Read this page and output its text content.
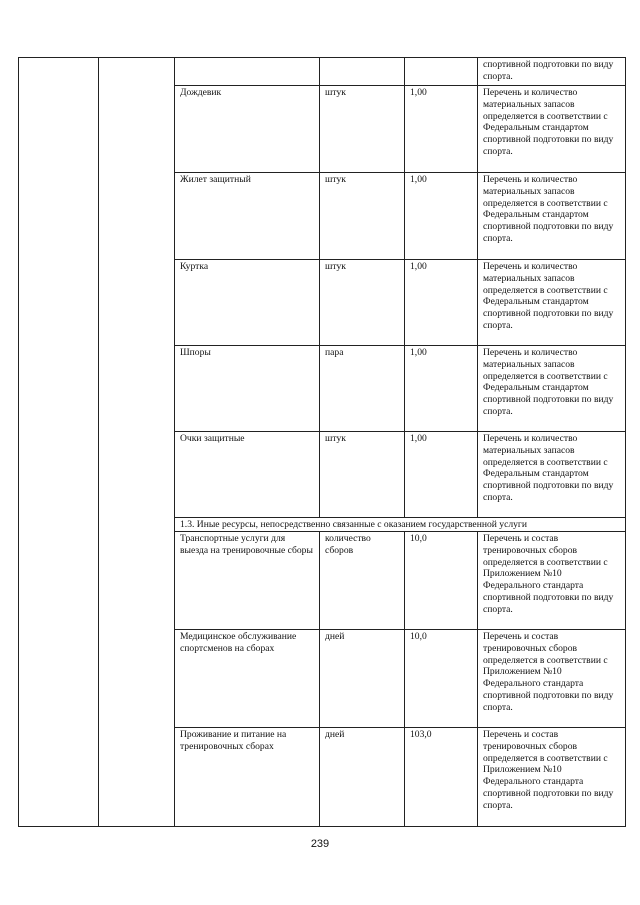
					спортивной подготовки по виду спорта.
		Дождевик	штук	1,00	Перечень и количество материальных запасов определяется в соответствии с Федеральным стандартом спортивной подготовки по виду спорта.
		Жилет защитный	штук	1,00	Перечень и количество материальных запасов определяется в соответствии с Федеральным стандартом спортивной подготовки по виду спорта.
		Куртка	штук	1,00	Перечень и количество материальных запасов определяется в соответствии с Федеральным стандартом спортивной подготовки по виду спорта.
		Шпоры	пара	1,00	Перечень и количество материальных запасов определяется в соответствии с Федеральным стандартом спортивной подготовки по виду спорта.
		Очки защитные	штук	1,00	Перечень и количество материальных запасов определяется в соответствии с Федеральным стандартом спортивной подготовки по виду спорта.
		1.3. Иные ресурсы, непосредственно связанные с оказанием государственной услуги			
		Транспортные услуги для выезда на тренировочные сборы	количество сборов	10,0	Перечень и состав тренировочных сборов определяется в соответствии с Приложением №10 Федерального стандарта спортивной подготовки по виду спорта.
		Медицинское обслуживание спортсменов на сборах	дней	10,0	Перечень и состав тренировочных сборов определяется в соответствии с Приложением №10 Федерального стандарта спортивной подготовки по виду спорта.
		Проживание и питание на тренировочных сборах	дней	103,0	Перечень и состав тренировочных сборов определяется в соответствии с Приложением №10 Федерального стандарта спортивной подготовки по виду спорта.
239
